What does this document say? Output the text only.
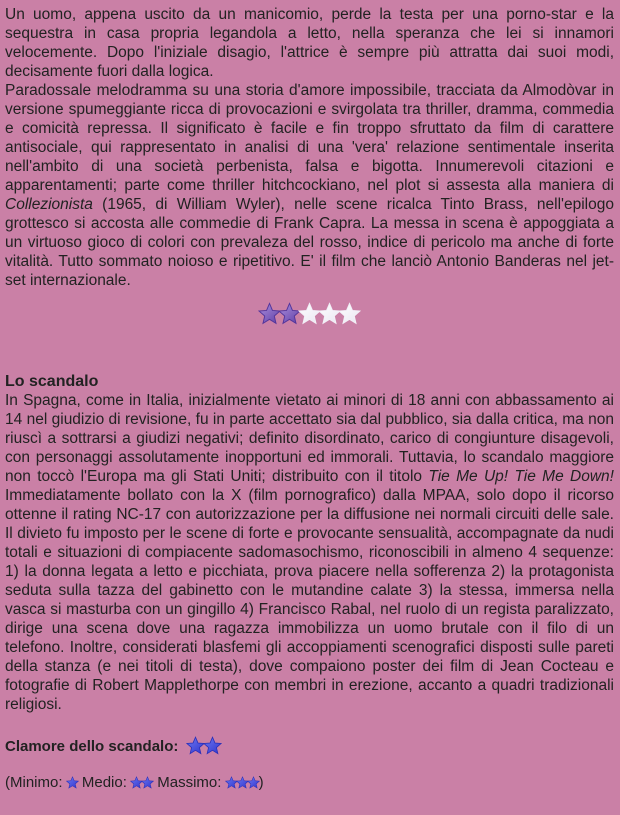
Un uomo, appena uscito da un manicomio, perde la testa per una porno-star e la sequestra in casa propria legandola a letto, nella speranza che lei si innamori velocemente. Dopo l'iniziale disagio, l'attrice è sempre più attratta dai suoi modi, decisamente fuori dalla logica.

Paradossale melodramma su una storia d'amore impossibile, tracciata da Almodòvar in versione spumeggiante ricca di provocazioni e svirgolata tra thriller, dramma, commedia e comicità repressa. Il significato è facile e fin troppo sfruttato da film di carattere antisociale, qui rappresentato in analisi di una 'vera' relazione sentimentale inserita nell'ambito di una società perbenista, falsa e bigotta. Innumerevoli citazioni e apparentamenti; parte come thriller hitchcockiano, nel plot si assesta alla maniera di Collezionista (1965, di William Wyler), nelle scene ricalca Tinto Brass, nell'epilogo grottesco si accosta alle commedie di Frank Capra. La messa in scena è appoggiata a un virtuoso gioco di colori con prevaleza del rosso, indice di pericolo ma anche di forte vitalità. Tutto sommato noioso e ripetitivo. E' il film che lanciò Antonio Banderas nel jet-set internazionale.

Lo scandalo

In Spagna, come in Italia, inizialmente vietato ai minori di 18 anni con abbassamento ai 14 nel giudizio di revisione, fu in parte accettato sia dal pubblico, sia dalla critica, ma non riuscì a sottrarsi a giudizi negativi; definito disordinato, carico di congiunture disagevoli, con personaggi assolutamente inopportuni ed immorali. Tuttavia, lo scandalo maggiore non toccò l'Europa ma gli Stati Uniti; distribuito con il titolo Tie Me Up! Tie Me Down! Immediatamente bollato con la X (film pornografico) dalla MPAA, solo dopo il ricorso ottenne il rating NC-17 con autorizzazione per la diffusione nei normali circuiti delle sale. Il divieto fu imposto per le scene di forte e provocante sensualità, accompagnate da nudi totali e situazioni di compiacente sadomasochismo, riconoscibili in almeno 4 sequenze: 1) la donna legata a letto e picchiata, prova piacere nella sofferenza 2) la protagonista seduta sulla tazza del gabinetto con le mutandine calate 3) la stessa, immersa nella vasca si masturba con un gingillo 4) Francisco Rabal, nel ruolo di un regista paralizzato, dirige una scena dove una ragazza immobilizza un uomo brutale con il filo di un telefono. Inoltre, considerati blasfemi gli accoppiamenti scenografici disposti sulle pareti della stanza (e nei titoli di testa), dove compaiono poster dei film di Jean Cocteau e fotografie di Robert Mapplethorpe con membri in erezione, accanto a quadri tradizionali religiosi.

Clamore dello scandalo:
(Minimo: Medio: Massimo: )
